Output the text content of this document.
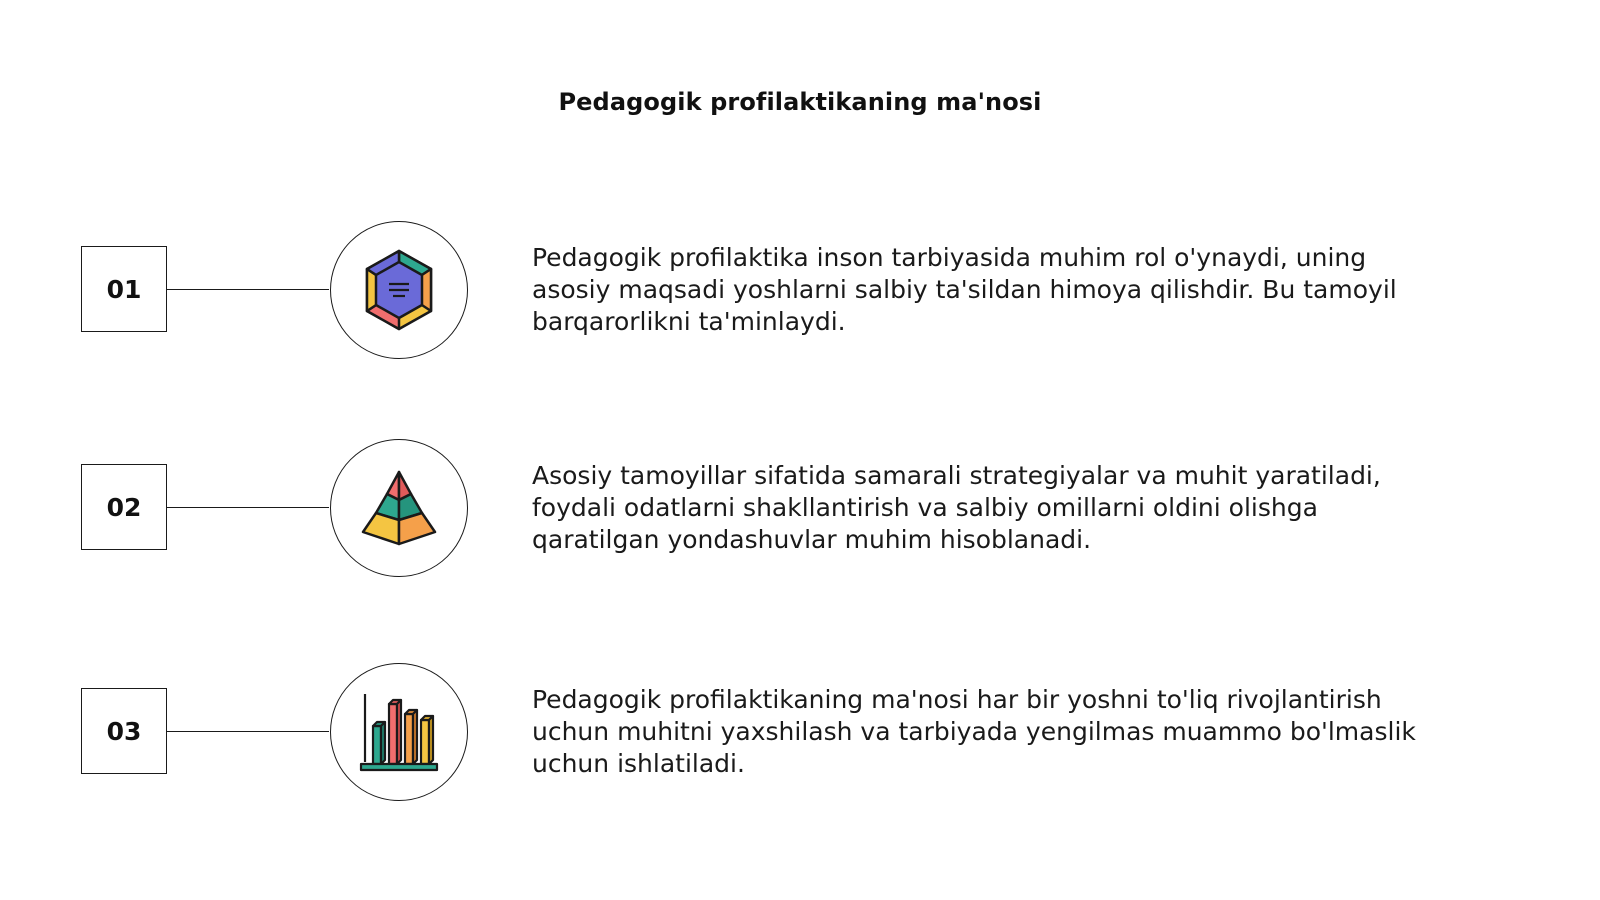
Pedagogik profilaktikaning ma'nosi
01
Pedagogik profilaktika inson tarbiyasida muhim rol o'ynaydi, uning
asosiy maqsadi yoshlarni salbiy ta'sildan himoya qilishdir. Bu tamoyil
barqarorlikni ta'minlaydi.
02
Asosiy tamoyillar sifatida samarali strategiyalar va muhit yaratiladi,
foydali odatlarni shakllantirish va salbiy omillarni oldini olishga
qaratilgan yondashuvlar muhim hisoblanadi.
03
Pedagogik profilaktikaning ma'nosi har bir yoshni to'liq rivojlantirish
uchun muhitni yaxshilash va tarbiyada yengilmas muammo bo'lmaslik
uchun ishlatiladi.
